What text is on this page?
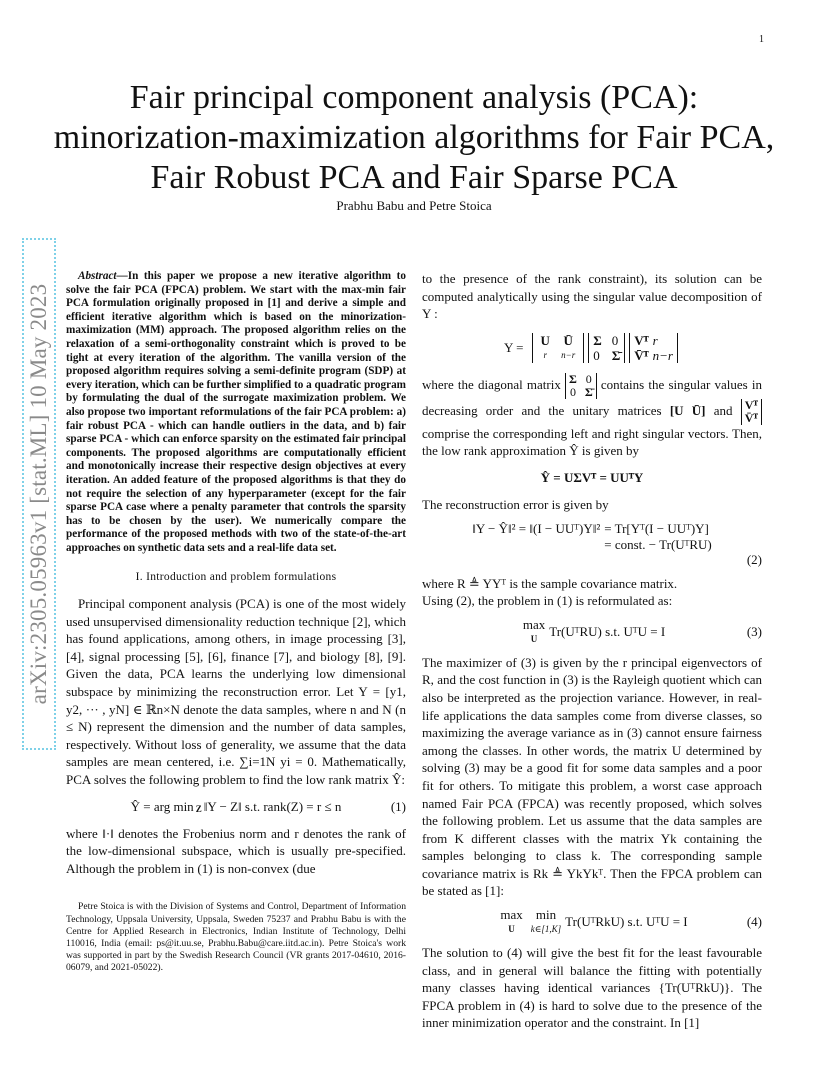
1
arXiv:2305.05963v1 [stat.ML] 10 May 2023
Fair principal component analysis (PCA):
minorization-maximization algorithms for Fair PCA,
Fair Robust PCA and Fair Sparse PCA
Prabhu Babu and Petre Stoica

Abstract—In this paper we propose a new iterative algorithm to solve the fair PCA (FPCA) problem. We start with the max-min fair PCA formulation originally proposed in [1] and derive a simple and efficient iterative algorithm which is based on the minorization-maximization (MM) approach. The proposed algorithm relies on the relaxation of a semi-orthogonality constraint which is proved to be tight at every iteration of the algorithm. The vanilla version of the proposed algorithm requires solving a semi-definite program (SDP) at every iteration, which can be further simplified to a quadratic program by formulating the dual of the surrogate maximization problem. We also propose two important reformulations of the fair PCA problem: a) fair robust PCA - which can handle outliers in the data, and b) fair sparse PCA - which can enforce sparsity on the estimated fair principal components. The proposed algorithms are computationally efficient and monotonically increase their respective design objectives at every iteration. An added feature of the proposed algorithms is that they do not require the selection of any hyperparameter (except for the fair sparse PCA case where a penalty parameter that controls the sparsity has to be chosen by the user). We numerically compare the performance of the proposed methods with two of the state-of-the-art approaches on synthetic data sets and a real-life data set.

I. Introduction and problem formulations

Principal component analysis (PCA) is one of the most widely used unsupervised dimensionality reduction technique [2], which has found applications, among others, in image processing [3], [4], signal processing [5], [6], finance [7], and biology [8], [9]. Given the data, PCA learns the underlying low dimensional subspace by minimizing the reconstruction error. Let Y = [y1, y2, ··· , yN] ∈ ℝn×N denote the data samples, where n and N (n ≤ N) represent the dimension and the number of data samples, respectively. Without loss of generality, we assume that the data samples are mean centered, i.e. ∑i=1N yi = 0. Mathematically, PCA solves the following problem to find the low rank matrix Ŷ:

Ŷ = arg min Z ‖Y − Z‖ s.t. rank(Z) = r ≤ n	(1)

where ‖·‖ denotes the Frobenius norm and r denotes the rank of the low-dimensional subspace, which is usually pre-specified. Although the problem in (1) is non-convex (due

Petre Stoica is with the Division of Systems and Control, Department of Information Technology, Uppsala University, Uppsala, Sweden 75237 and Prabhu Babu is with the Centre for Applied Research in Electronics, Indian Institute of Technology, Delhi 110016, India (email: ps@it.uu.se, Prabhu.Babu@care.iitd.ac.in). Petre Stoica's work was supported in part by the Swedish Research Council (VR grants 2017-04610, 2016-06079, and 2021-05022).

to the presence of the rank constraint), its solution can be computed analytically using the singular value decomposition of Y :

Y = U
r

Ū
n−r
Σ 0
0 Σ̄
Vᵀ r
V̄ᵀ n−r

where the diagonal matrix Σ 0
0 Σ̄
contains the singular values in decreasing order and the unitary matrices [U Ū] and Vᵀ
V̄ᵀ comprise the corresponding left and right singular vectors. Then, the low rank approximation Ŷ is given by

Ŷ = UΣVᵀ = UUᵀY

The reconstruction error is given by

‖Y − Ŷ‖² = ‖(I − UUᵀ)Y‖² = Tr[Yᵀ(I − UUᵀ)Y]
= const. − Tr(UᵀRU)
(2)

where R ≜ YYᵀ is the sample covariance matrix.

Using (2), the problem in (1) is reformulated as:

max
U Tr(UᵀRU) s.t. UᵀU = I	(3)

The maximizer of (3) is given by the r principal eigenvectors of R, and the cost function in (3) is the Rayleigh quotient which can also be interpreted as the projection variance. However, in real-life applications the data samples come from diverse classes, so maximizing the average variance as in (3) cannot ensure fairness among the classes. In other words, the matrix U determined by solving (3) may be a good fit for some data samples and a poor fit for others. To mitigate this problem, a worst case approach named Fair PCA (FPCA) was recently proposed, which solves the following problem. Let us assume that the data samples are from K different classes with the matrix Yk containing the samples belonging to class k. The corresponding sample covariance matrix is Rk ≜ YkYkᵀ. Then the FPCA problem can be stated as [1]:

max
U
min
k∈[1,K] Tr(UᵀRkU) s.t. UᵀU = I	(4)

The solution to (4) will give the best fit for the least favourable class, and in general will balance the fitting with potentially many classes having identical variances {Tr(UᵀRkU)}. The FPCA problem in (4) is hard to solve due to the presence of the inner minimization operator and the constraint. In [1]
